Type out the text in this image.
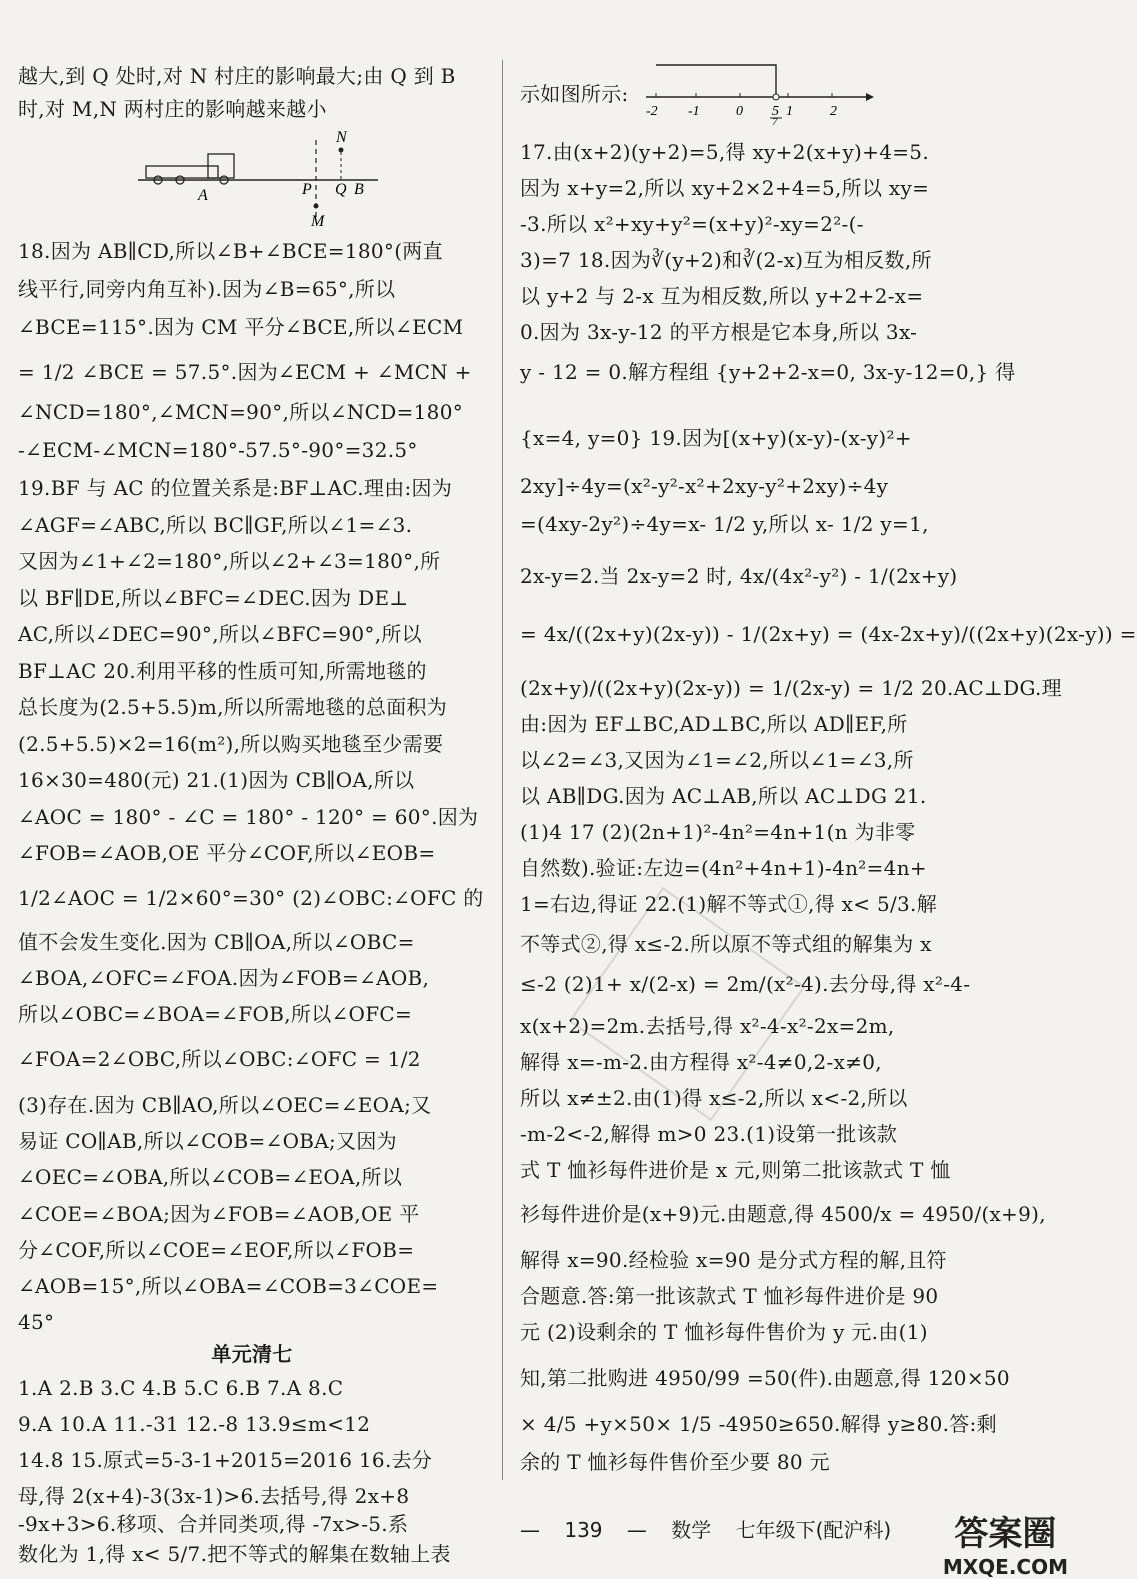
越大,到 Q 处时,对 N 村庄的影响最大;由 Q 到 B
时,对 M,N 两村庄的影响越来越小
N
A	P Q B
M
18.因为 AB∥CD,所以∠B+∠BCE=180°(两直
线平行,同旁内角互补).因为∠B=65°,所以
∠BCE=115°.因为 CM 平分∠BCE,所以∠ECM
= 1/2 ∠BCE = 57.5°.因为∠ECM + ∠MCN +
∠NCD=180°,∠MCN=90°,所以∠NCD=180°
-∠ECM-∠MCN=180°-57.5°-90°=32.5°
19.BF 与 AC 的位置关系是:BF⊥AC.理由:因为
∠AGF=∠ABC,所以 BC∥GF,所以∠1=∠3.
又因为∠1+∠2=180°,所以∠2+∠3=180°,所
以 BF∥DE,所以∠BFC=∠DEC.因为 DE⊥
AC,所以∠DEC=90°,所以∠BFC=90°,所以
BF⊥AC 20.利用平移的性质可知,所需地毯的
总长度为(2.5+5.5)m,所以所需地毯的总面积为
(2.5+5.5)×2=16(m²),所以购买地毯至少需要
16×30=480(元) 21.(1)因为 CB∥OA,所以
∠AOC = 180° - ∠C = 180° - 120° = 60°.因为
∠FOB=∠AOB,OE 平分∠COF,所以∠EOB=
1/2∠AOC = 1/2×60°=30° (2)∠OBC:∠OFC 的
值不会发生变化.因为 CB∥OA,所以∠OBC=
∠BOA,∠OFC=∠FOA.因为∠FOB=∠AOB,
所以∠OBC=∠BOA=∠FOB,所以∠OFC=
∠FOA=2∠OBC,所以∠OBC:∠OFC = 1/2
(3)存在.因为 CB∥AO,所以∠OEC=∠EOA;又
易证 CO∥AB,所以∠COB=∠OBA;又因为
∠OEC=∠OBA,所以∠COB=∠EOA,所以
∠COE=∠BOA;因为∠FOB=∠AOB,OE 平
分∠COF,所以∠COE=∠EOF,所以∠FOB=
∠AOB=15°,所以∠OBA=∠COB=3∠COE=
45°
单元清七
1.A 2.B 3.C 4.B 5.C 6.B 7.A 8.C
9.A 10.A 11.-31 12.-8 13.9≤m<12
14.8 15.原式=5-3-1+2015=2016 16.去分
母,得 2(x+4)-3(3x-1)>6.去括号,得 2x+8
-9x+3>6.移项、合并同类项,得 -7x>-5.系
数化为 1,得 x< 5/7.把不等式的解集在数轴上表
示如图所示:
-2 -1	0 5 1	2
7
17.由(x+2)(y+2)=5,得 xy+2(x+y)+4=5.
因为 x+y=2,所以 xy+2×2+4=5,所以 xy=
-3.所以 x²+xy+y²=(x+y)²-xy=2²-(-
3)=7 18.因为∛(y+2)和∛(2-x)互为相反数,所
以 y+2 与 2-x 互为相反数,所以 y+2+2-x=
0.因为 3x-y-12 的平方根是它本身,所以 3x-
y - 12 = 0.解方程组 {y+2+2-x=0, 3x-y-12=0,} 得
{x=4, y=0} 19.因为[(x+y)(x-y)-(x-y)²+
2xy]÷4y=(x²-y²-x²+2xy-y²+2xy)÷4y
=(4xy-2y²)÷4y=x- 1/2 y,所以 x- 1/2 y=1,
2x-y=2.当 2x-y=2 时, 4x/(4x²-y²) - 1/(2x+y)
= 4x/((2x+y)(2x-y)) - 1/(2x+y) = (4x-2x+y)/((2x+y)(2x-y)) =
(2x+y)/((2x+y)(2x-y)) = 1/(2x-y) = 1/2 20.AC⊥DG.理
由:因为 EF⊥BC,AD⊥BC,所以 AD∥EF,所
以∠2=∠3,又因为∠1=∠2,所以∠1=∠3,所
以 AB∥DG.因为 AC⊥AB,所以 AC⊥DG 21.
(1)4 17 (2)(2n+1)²-4n²=4n+1(n 为非零
自然数).验证:左边=(4n²+4n+1)-4n²=4n+
1=右边,得证 22.(1)解不等式①,得 x< 5/3.解
不等式②,得 x≤-2.所以原不等式组的解集为 x
≤-2 (2)1+ x/(2-x) = 2m/(x²-4).去分母,得 x²-4-
x(x+2)=2m.去括号,得 x²-4-x²-2x=2m,
解得 x=-m-2.由方程得 x²-4≠0,2-x≠0,
所以 x≠±2.由(1)得 x≤-2,所以 x<-2,所以
-m-2<-2,解得 m>0 23.(1)设第一批该款
式 T 恤衫每件进价是 x 元,则第二批该款式 T 恤
衫每件进价是(x+9)元.由题意,得 4500/x = 4950/(x+9),
解得 x=90.经检验 x=90 是分式方程的解,且符
合题意.答:第一批该款式 T 恤衫每件进价是 90
元 (2)设剩余的 T 恤衫每件售价为 y 元.由(1)
知,第二批购进 4950/99 =50(件).由题意,得 120×50
× 4/5 +y×50× 1/5 -4950≥650.解得 y≥80.答:剩
余的 T 恤衫每件售价至少要 80 元
— 139 — 数学 七年级下(配沪科)	答案圈
MXQE.COM
